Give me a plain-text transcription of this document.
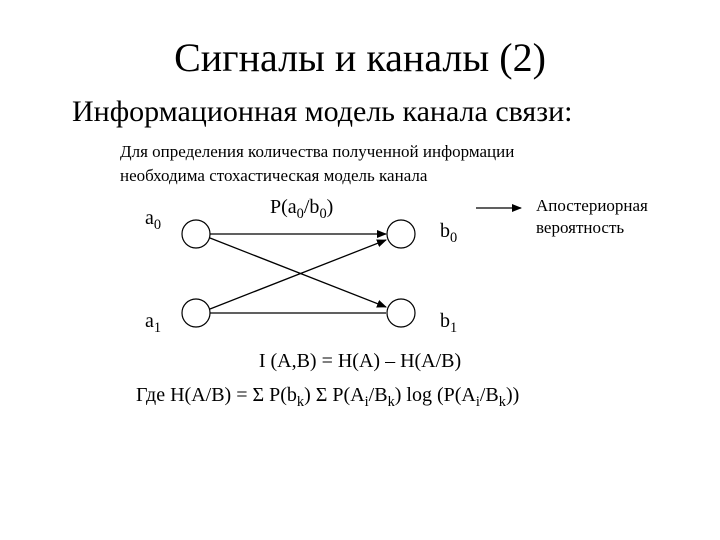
Сигналы и каналы (2)
Информационная модель канала связи:
Для определения количества полученной информации
необходима стохастическая модель канала
$a_0$
$a_1$
$b_0$
$b_1$
$P(a_0/b_0)$	Апостериорная
вероятность
I (A,B) = H(A) – H(A/B)
Где H(A/B) = Σ $P(b_k)$ Σ $P(A_i/B_k)$ $\log (P(A_i/B_k))$
